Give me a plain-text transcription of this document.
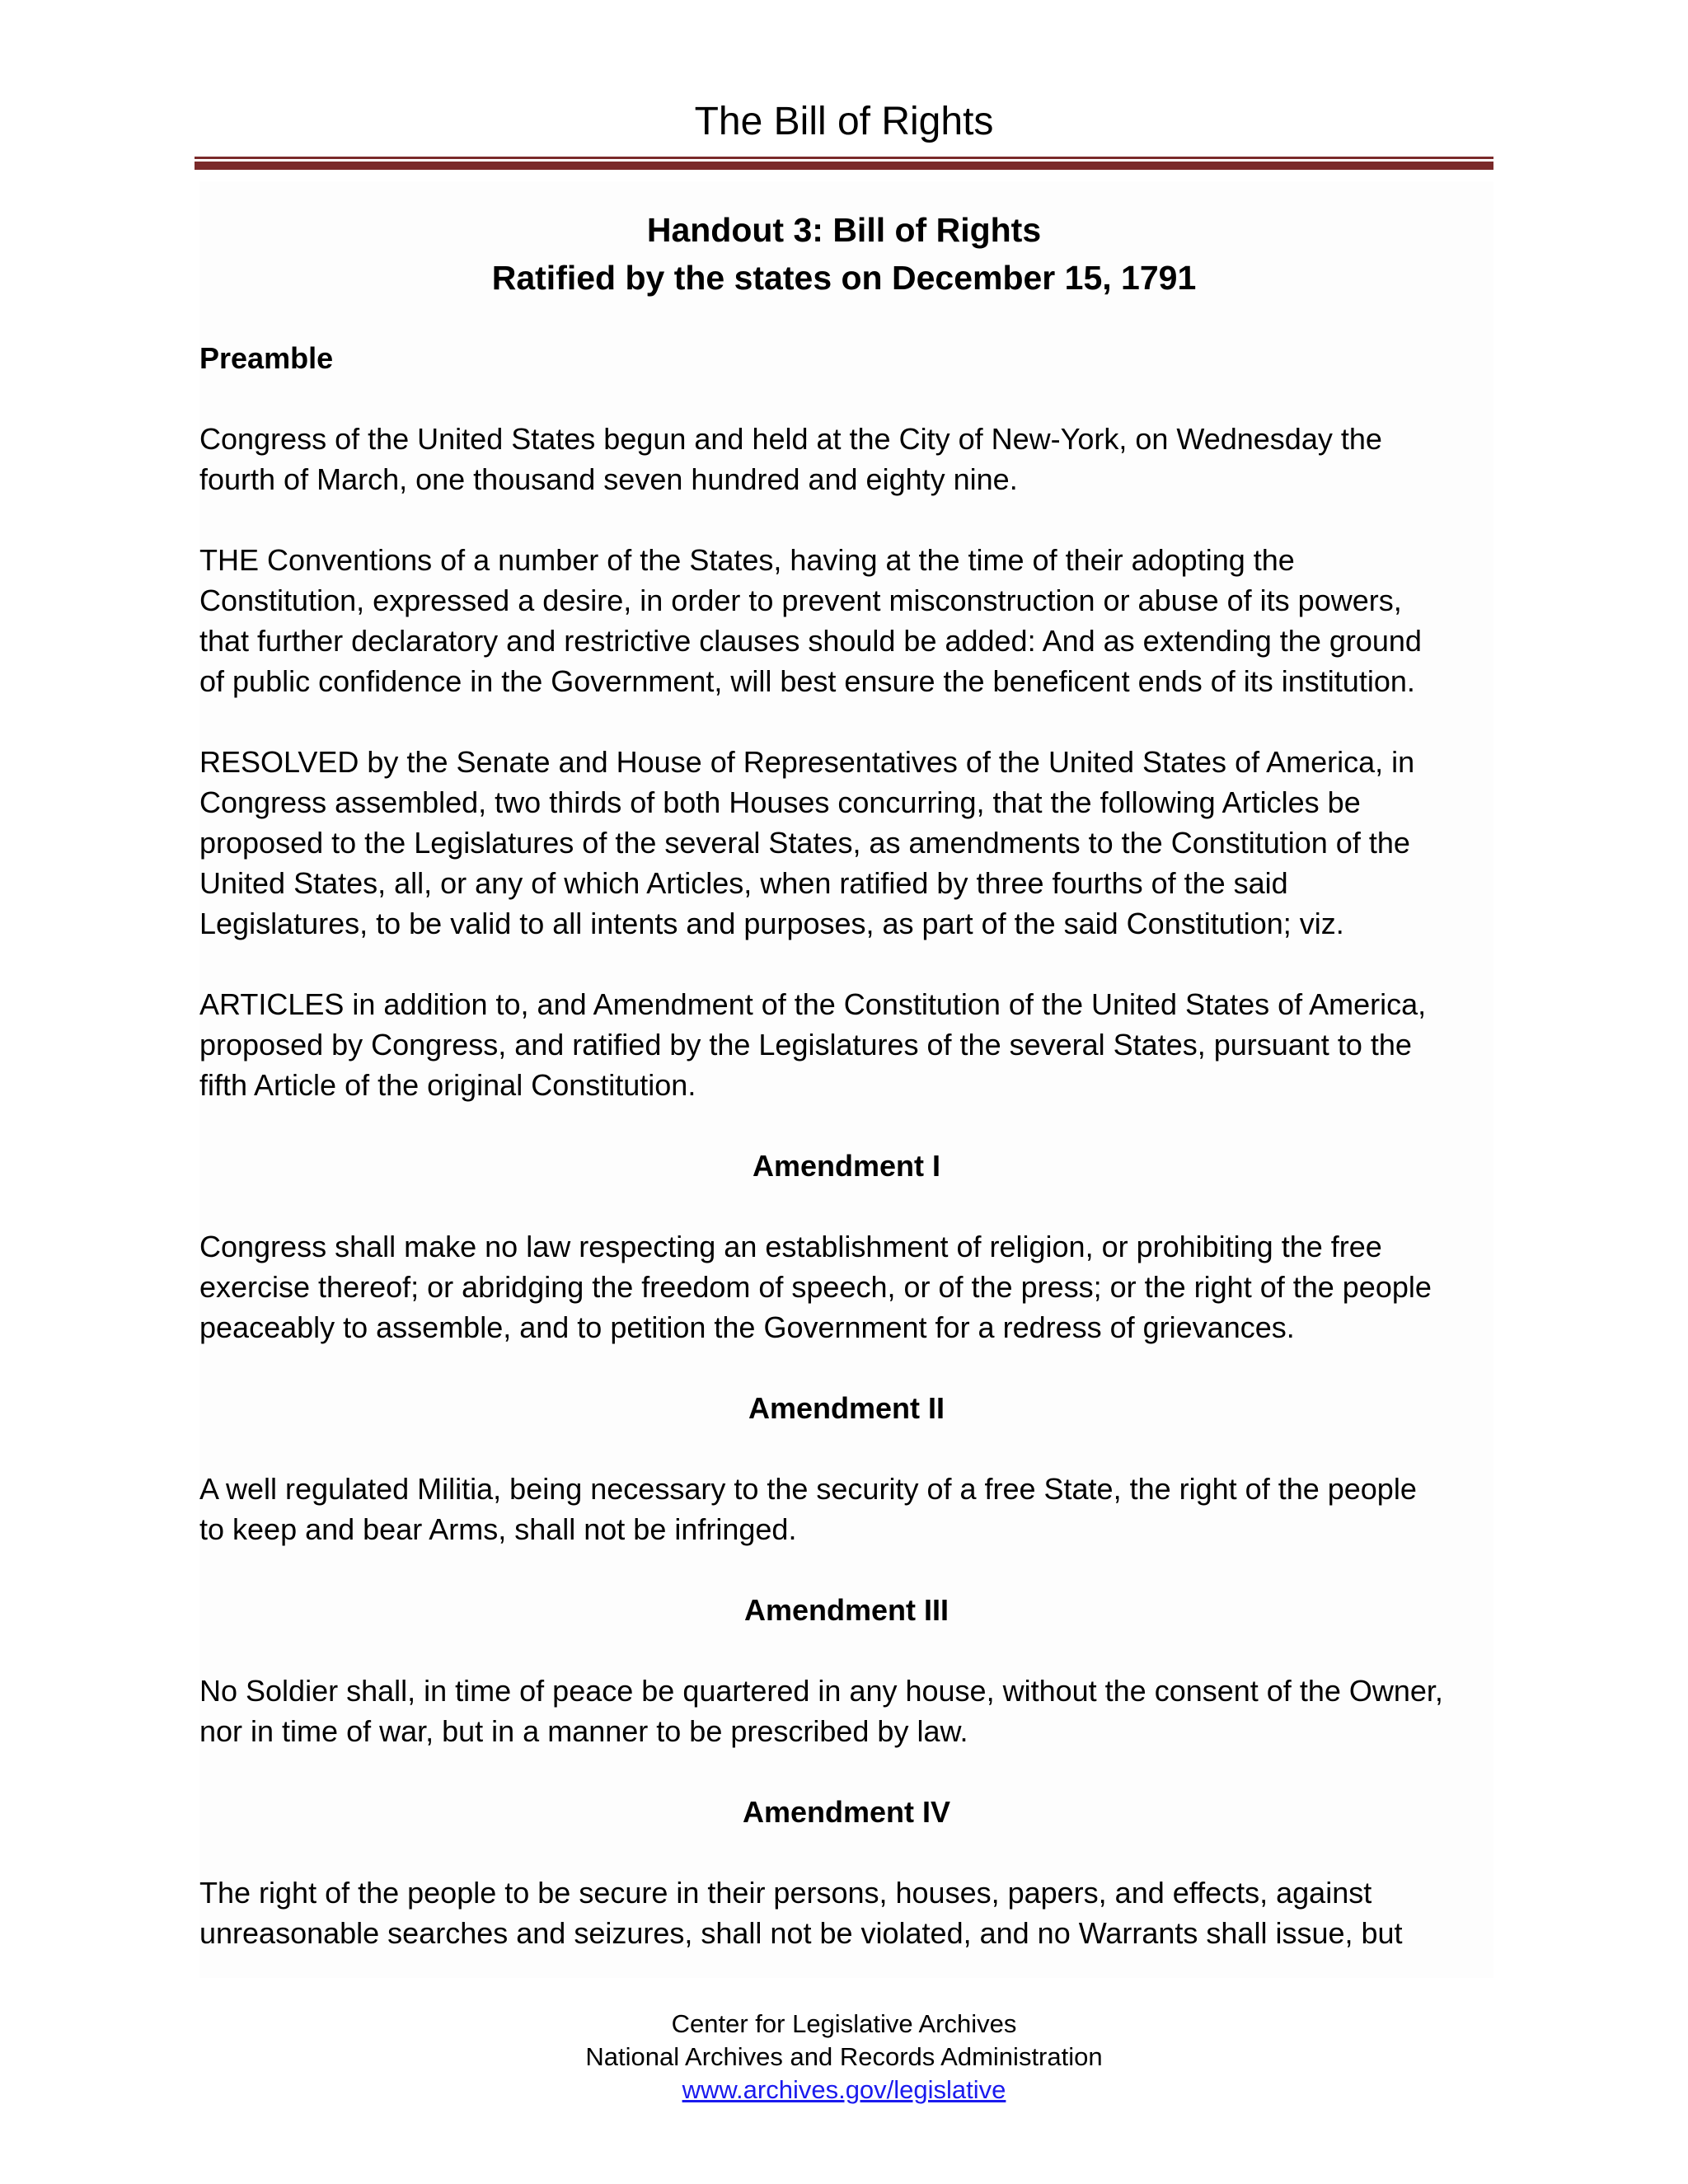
The Bill of Rights
Handout 3: Bill of Rights
Ratified by the states on December 15, 1791

Preamble

Congress of the United States begun and held at the City of New-York, on Wednesday the
fourth of March, one thousand seven hundred and eighty nine.

THE Conventions of a number of the States, having at the time of their adopting the
Constitution, expressed a desire, in order to prevent misconstruction or abuse of its powers,
that further declaratory and restrictive clauses should be added: And as extending the ground
of public confidence in the Government, will best ensure the beneficent ends of its institution.

RESOLVED by the Senate and House of Representatives of the United States of America, in
Congress assembled, two thirds of both Houses concurring, that the following Articles be
proposed to the Legislatures of the several States, as amendments to the Constitution of the
United States, all, or any of which Articles, when ratified by three fourths of the said
Legislatures, to be valid to all intents and purposes, as part of the said Constitution; viz.

ARTICLES in addition to, and Amendment of the Constitution of the United States of America,
proposed by Congress, and ratified by the Legislatures of the several States, pursuant to the
fifth Article of the original Constitution.

Amendment I

Congress shall make no law respecting an establishment of religion, or prohibiting the free
exercise thereof; or abridging the freedom of speech, or of the press; or the right of the people
peaceably to assemble, and to petition the Government for a redress of grievances.

Amendment II

A well regulated Militia, being necessary to the security of a free State, the right of the people
to keep and bear Arms, shall not be infringed.

Amendment III

No Soldier shall, in time of peace be quartered in any house, without the consent of the Owner,
nor in time of war, but in a manner to be prescribed by law.

Amendment IV

The right of the people to be secure in their persons, houses, papers, and effects, against
unreasonable searches and seizures, shall not be violated, and no Warrants shall issue, but

Center for Legislative Archives
National Archives and Records Administration
www.archives.gov/legislative
